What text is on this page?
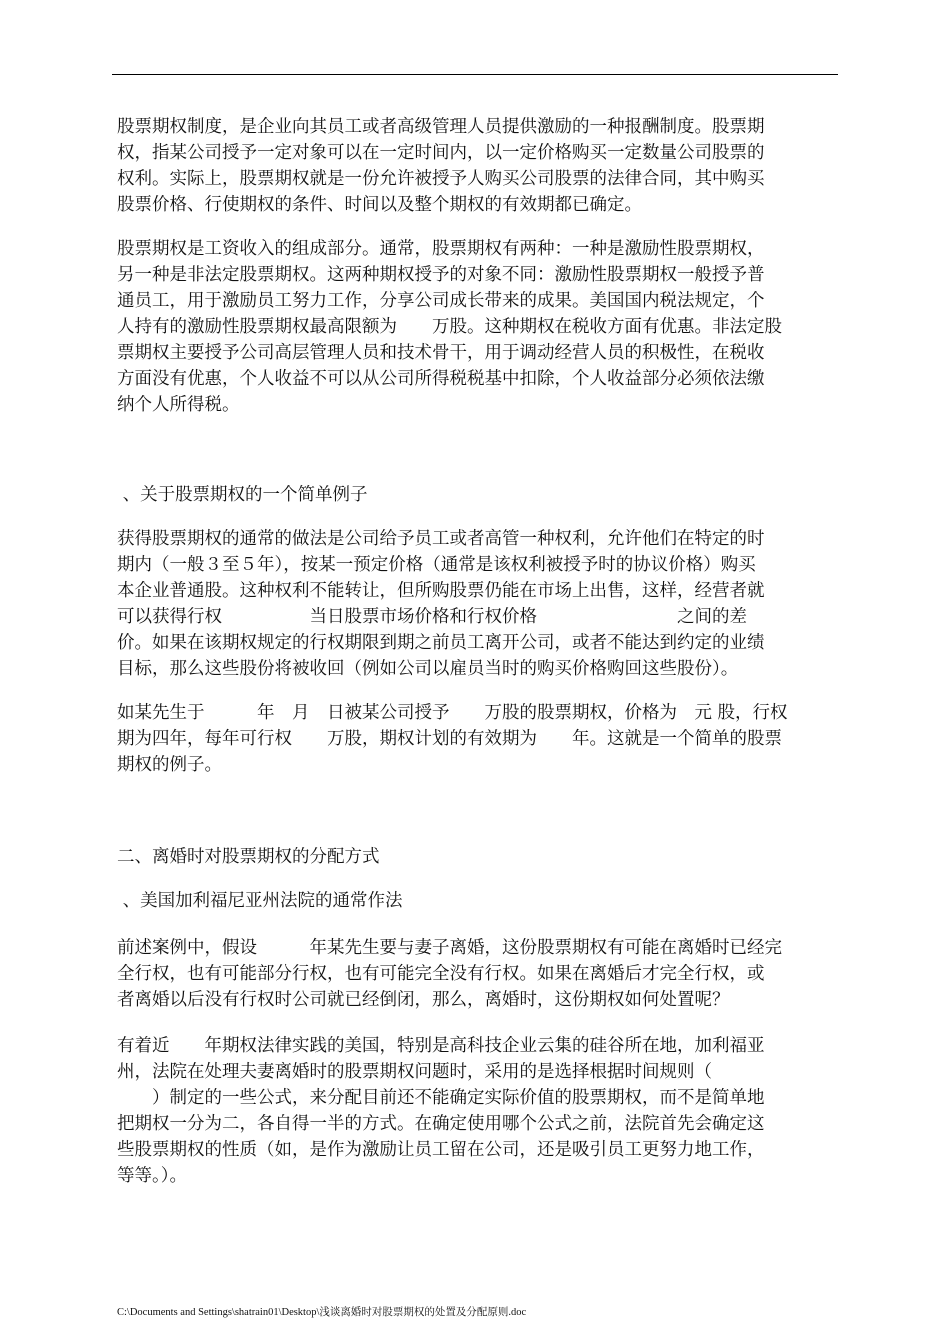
股票期权制度，是企业向其员工或者高级管理人员提供激励的一种报酬制度。股票期

权，指某公司授予一定对象可以在一定时间内，以一定价格购买一定数量公司股票的

权利。实际上，股票期权就是一份允许被授予人购买公司股票的法律合同，其中购买

股票价格、行使期权的条件、时间以及整个期权的有效期都已确定。

股票期权是工资收入的组成部分。通常，股票期权有两种：一种是激励性股票期权，

另一种是非法定股票期权。这两种期权授予的对象不同：激励性股票期权一般授予普

通员工，用于激励员工努力工作，分享公司成长带来的成果。美国国内税法规定，个

人持有的激励性股票期权最高限额为　　万股。这种期权在税收方面有优惠。非法定股

票期权主要授予公司高层管理人员和技术骨干，用于调动经营人员的积极性，在税收

方面没有优惠，个人收益不可以从公司所得税税基中扣除，个人收益部分必须依法缴

纳个人所得税。

、关于股票期权的一个简单例子

获得股票期权的通常的做法是公司给予员工或者高管一种权利，允许他们在特定的时

期内（一般３至５年），按某一预定价格（通常是该权利被授予时的协议价格）购买

本企业普通股。这种权利不能转让，但所购股票仍能在市场上出售，这样，经营者就

可以获得行权　　　　　当日股票市场价格和行权价格　　　　　　　　之间的差

价。如果在该期权规定的行权期限到期之前员工离开公司，或者不能达到约定的业绩

目标，那么这些股份将被收回（例如公司以雇员当时的购买价格购回这些股份）。

如某先生于　　　年　月　日被某公司授予　　万股的股票期权，价格为　元 股，行权

期为四年，每年可行权　　万股，期权计划的有效期为　　年。这就是一个简单的股票

期权的例子。

二、离婚时对股票期权的分配方式

、美国加利福尼亚州法院的通常作法

前述案例中，假设　　　年某先生要与妻子离婚，这份股票期权有可能在离婚时已经完

全行权，也有可能部分行权，也有可能完全没有行权。如果在离婚后才完全行权，或

者离婚以后没有行权时公司就已经倒闭，那么，离婚时，这份期权如何处置呢？

有着近　　年期权法律实践的美国，特别是高科技企业云集的硅谷所在地，加利福亚

州，法院在处理夫妻离婚时的股票期权问题时，采用的是选择根据时间规则（

　　）制定的一些公式，来分配目前还不能确定实际价值的股票期权，而不是简单地

把期权一分为二，各自得一半的方式。在确定使用哪个公式之前，法院首先会确定这

些股票期权的性质（如，是作为激励让员工留在公司，还是吸引员工更努力地工作，

等等。）。

C:\Documents and Settings\shatrain01\Desktop\浅谈离婚时对股票期权的处置及分配原则.doc
